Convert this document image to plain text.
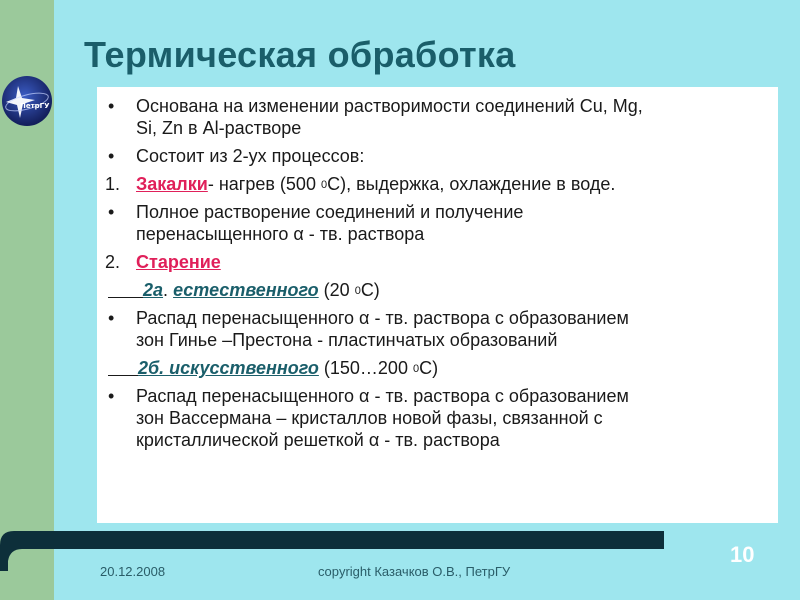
ПетрГУ
Термическая обработка
•	Основана на изменении растворимости соединений Cu, Mg,
Si, Zn в Al-растворе
•	Состоит из 2-ух процессов:
1. Закалки- нагрев (500 $^0$С), выдержка, охлаждение в воде.
•	Полное растворение соединений и получение
перенасыщенного α - тв. раствора
2. Старение
2а. естественного (20 $^0$С)
•	Распад перенасыщенного α - тв. раствора с образованием
зон Гинье –Престона - пластинчатых образований
2б. искусственного (150…200 $^0$С)
•	Распад перенасыщенного α - тв. раствора с образованием
зон Вассермана – кристаллов новой фазы, связанной с
кристаллической решеткой α - тв. раствора
20.12.2008	copyright Казачков О.В., ПетрГУ
10
